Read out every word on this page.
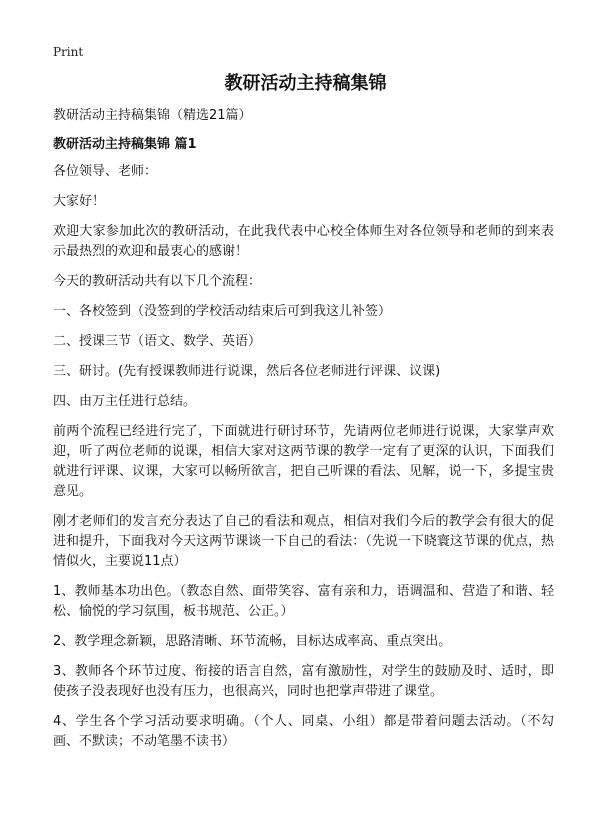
Print
教研活动主持稿集锦
教研活动主持稿集锦（精选21篇）
教研活动主持稿集锦 篇1

各位领导、老师：

大家好！

欢迎大家参加此次的教研活动，在此我代表中心校全体师生对各位领导和老师的到来表示最热烈的欢迎和最衷心的感谢！

今天的教研活动共有以下几个流程：

一、各校签到（没签到的学校活动结束后可到我这儿补签）

二、授课三节（语文、数学、英语）

三、研讨。(先有授课教师进行说课，然后各位老师进行评课、议课)

四、由万主任进行总结。

前两个流程已经进行完了，下面就进行研讨环节，先请两位老师进行说课，大家掌声欢迎，听了两位老师的说课，相信大家对这两节课的教学一定有了更深的认识，下面我们就进行评课、议课，大家可以畅所欲言，把自己听课的看法、见解，说一下，多提宝贵意见。

刚才老师们的发言充分表达了自己的看法和观点，相信对我们今后的教学会有很大的促进和提升，下面我对今天这两节课谈一下自己的看法：（先说一下晓寰这节课的优点，热情似火，主要说11点）

1、教师基本功出色。（教态自然、面带笑容、富有亲和力，语调温和、营造了和谐、轻松、愉悦的学习氛围，板书规范、公正。）

2、教学理念新颖，思路清晰、环节流畅，目标达成率高、重点突出。

3、教师各个环节过度、衔接的语言自然，富有激励性，对学生的鼓励及时、适时，即使孩子没表现好也没有压力，也很高兴，同时也把掌声带进了课堂。

4、学生各个学习活动要求明确。（个人、同桌、小组）都是带着问题去活动。（不勾画、不默读；不动笔墨不读书）
